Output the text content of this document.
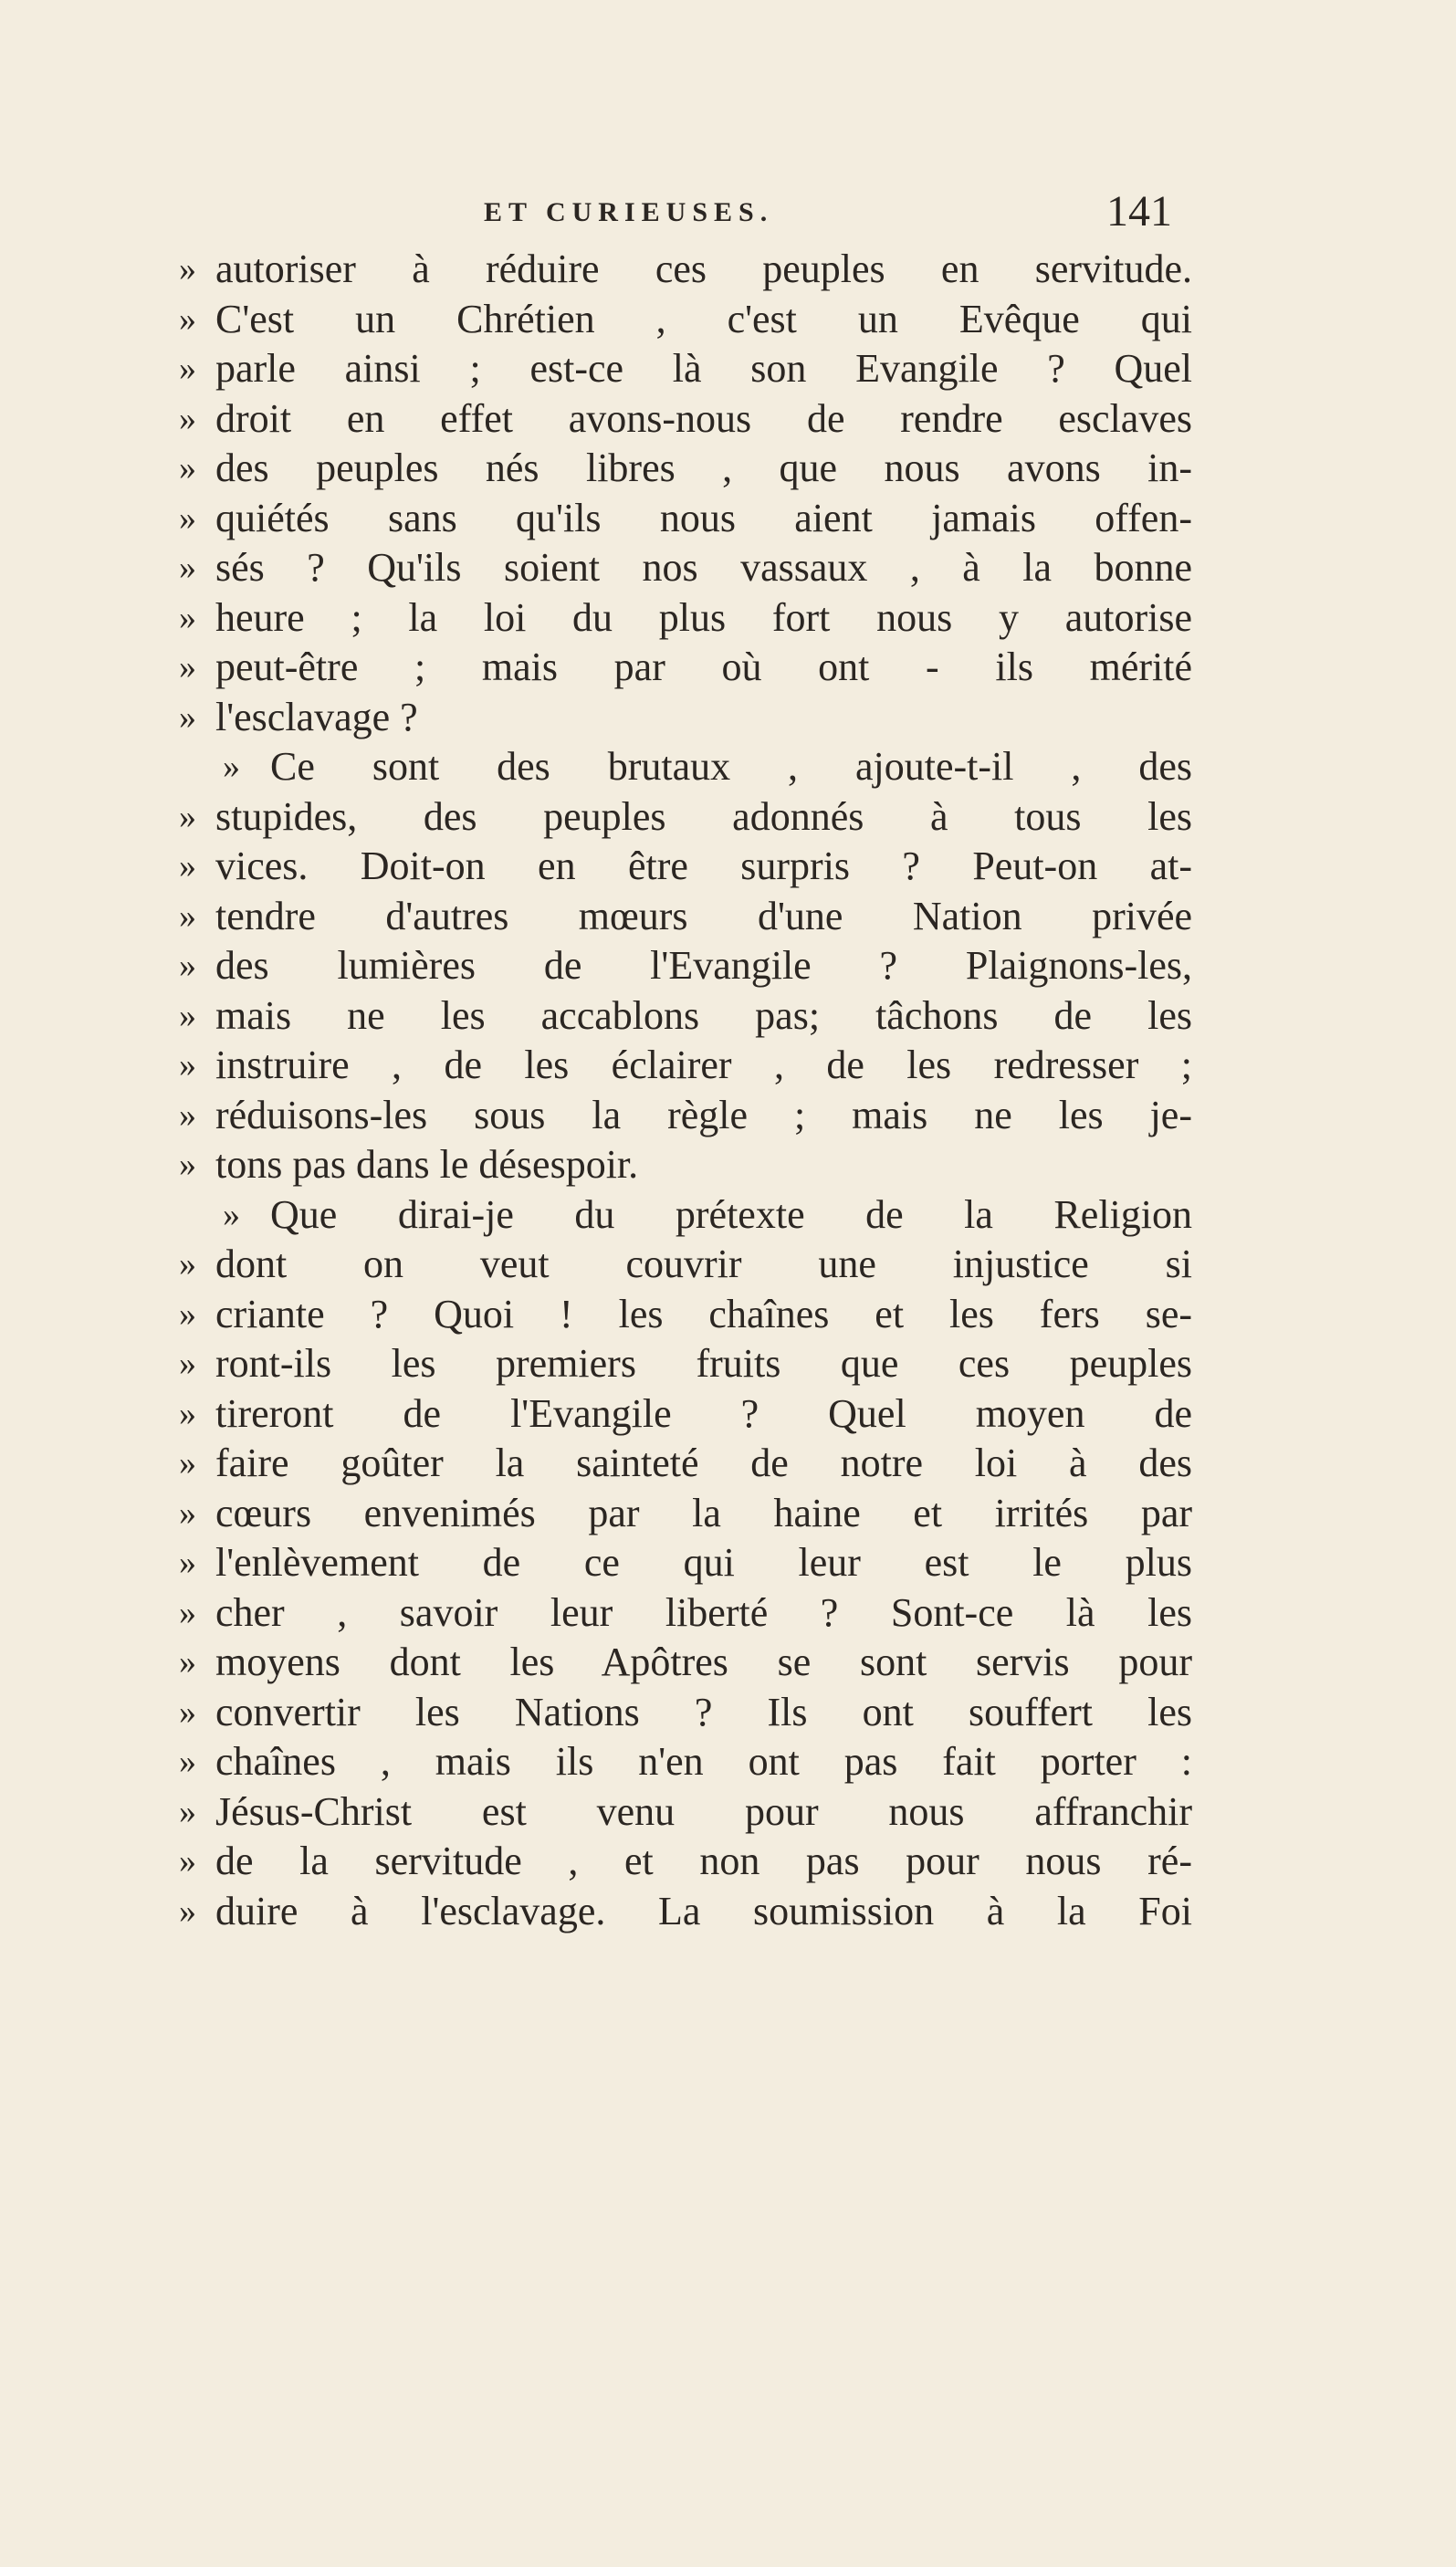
ET CURIEUSES.	141
» autoriser à réduire ces peuples en servitude.
» C'est un Chrétien , c'est un Evêque qui
» parle ainsi ; est-ce là son Evangile ? Quel
» droit en effet avons-nous de rendre esclaves
» des peuples nés libres , que nous avons in-
» quiétés sans qu'ils nous aient jamais offen-
» sés ? Qu'ils soient nos vassaux , à la bonne
» heure ; la loi du plus fort nous y autorise
» peut-être ; mais par où ont - ils mérité
» l'esclavage ?
» Ce sont des brutaux , ajoute-t-il , des
» stupides, des peuples adonnés à tous les
» vices. Doit-on en être surpris ? Peut-on at-
» tendre d'autres mœurs d'une Nation privée
» des lumières de l'Evangile ? Plaignons-les,
» mais ne les accablons pas; tâchons de les
» instruire , de les éclairer , de les redresser ;
» réduisons-les sous la règle ; mais ne les je-
» tons pas dans le désespoir.
» Que dirai-je du prétexte de la Religion
» dont on veut couvrir une injustice si
» criante ? Quoi ! les chaînes et les fers se-
» ront-ils les premiers fruits que ces peuples
» tireront de l'Evangile ? Quel moyen de
» faire goûter la sainteté de notre loi à des
» cœurs envenimés par la haine et irrités par
» l'enlèvement de ce qui leur est le plus
» cher , savoir leur liberté ? Sont-ce là les
» moyens dont les Apôtres se sont servis pour
» convertir les Nations ? Ils ont souffert les
» chaînes , mais ils n'en ont pas fait porter :
» Jésus-Christ est venu pour nous affranchir
» de la servitude , et non pas pour nous ré-
» duire à l'esclavage. La soumission à la Foi
